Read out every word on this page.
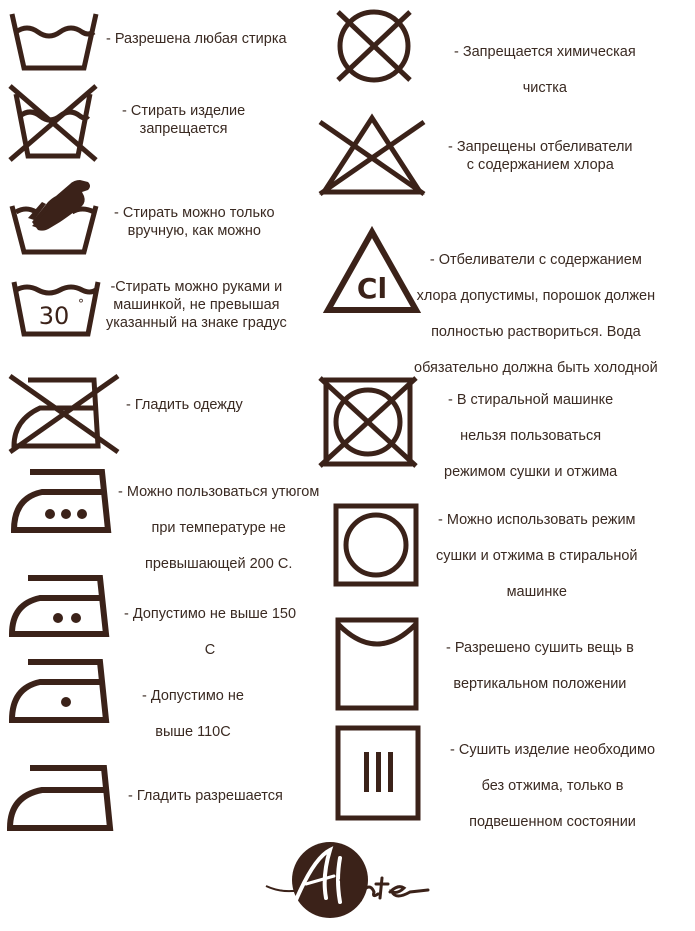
30 °	Cl
- Разрешена любая стирка
- Стирать изделие
запрещается
- Стирать можно только
вручную, как можно
-Стирать можно руками и
машинкой, не превышая
указанный на знаке градус
- Гладить одежду
- Можно пользоваться утюгом
при температуре не
превышающей 200 С.
- Допустимо не выше 150
С
- Допустимо не
выше 110С
- Гладить разрешается
- Запрещается химическая
чистка
- Запрещены отбеливатели
с содержанием хлора
- Отбеливатели с содержанием
хлора допустимы, порошок должен
полностью раствориться. Вода
обязательно должна быть холодной
- В стиральной машинке
нельзя пользоваться
режимом сушки и отжима
- Можно использовать режим
сушки и отжима в стиральной
машинке
- Разрешено сушить вещь в
вертикальном положении
- Сушить изделие необходимо
без отжима, только в
подвешенном состоянии
